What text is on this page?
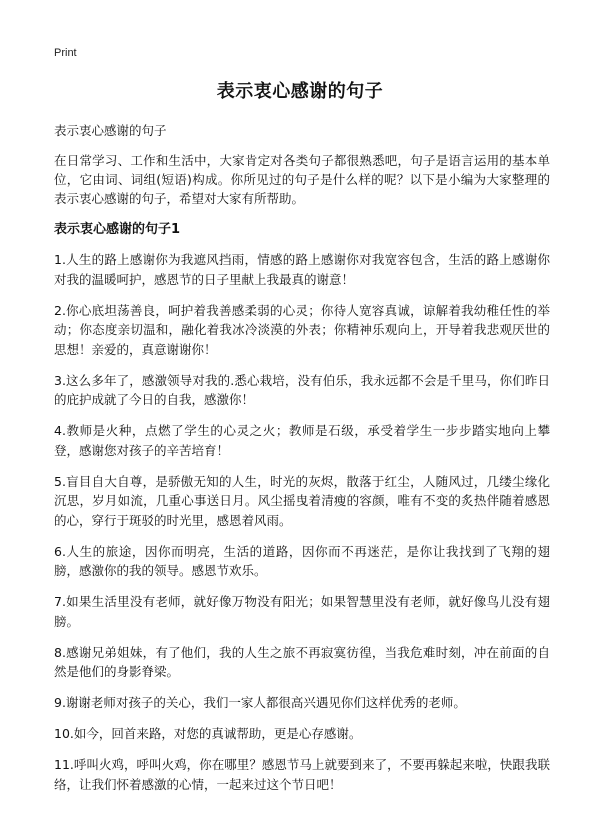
Print
表示衷心感谢的句子

表示衷心感谢的句子

在日常学习、工作和生活中，大家肯定对各类句子都很熟悉吧，句子是语言运用的基本单位，它由词、词组(短语)构成。你所见过的句子是什么样的呢？以下是小编为大家整理的表示衷心感谢的句子，希望对大家有所帮助。

表示衷心感谢的句子1

1.人生的路上感谢你为我遮风挡雨，情感的路上感谢你对我宽容包含，生活的路上感谢你对我的温暖呵护，感恩节的日子里献上我最真的谢意！

2.你心底坦荡善良，呵护着我善感柔弱的心灵；你待人宽容真诚，谅解着我幼稚任性的举动；你态度亲切温和，融化着我冰冷淡漠的外表；你精神乐观向上，开导着我悲观厌世的思想！亲爱的，真意谢谢你！

3.这么多年了，感激领导对我的.悉心栽培，没有伯乐，我永远都不会是千里马，你们昨日的庇护成就了今日的自我，感激你！

4.教师是火种，点燃了学生的心灵之火；教师是石级，承受着学生一步步踏实地向上攀登，感谢您对孩子的辛苦培育！

5.盲目自大自尊，是骄傲无知的人生，时光的灰烬，散落于红尘，人随风过，几缕尘缘化沉思，岁月如流，几重心事送日月。风尘摇曳着清瘦的容颜，唯有不变的炙热伴随着感恩的心，穿行于斑驳的时光里，感恩着风雨。

6.人生的旅途，因你而明亮，生活的道路，因你而不再迷茫，是你让我找到了飞翔的翅膀，感激你的我的领导。感恩节欢乐。

7.如果生活里没有老师，就好像万物没有阳光；如果智慧里没有老师，就好像鸟儿没有翅膀。

8.感谢兄弟姐妹，有了他们，我的人生之旅不再寂寞彷徨，当我危难时刻，冲在前面的自然是他们的身影脊梁。

9.谢谢老师对孩子的关心，我们一家人都很高兴遇见你们这样优秀的老师。

10.如今，回首来路，对您的真诚帮助，更是心存感谢。

11.呼叫火鸡，呼叫火鸡，你在哪里？感恩节马上就要到来了，不要再躲起来啦，快跟我联络，让我们怀着感激的心情，一起来过这个节日吧！
